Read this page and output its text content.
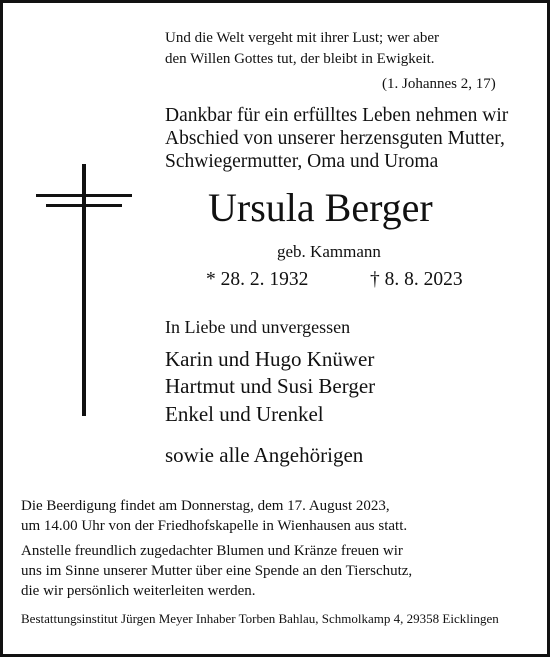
Und die Welt vergeht mit ihrer Lust; wer aber
den Willen Gottes tut, der bleibt in Ewigkeit.
(1. Johannes 2, 17)
Dankbar für ein erfülltes Leben nehmen wir
Abschied von unserer herzensguten Mutter,
Schwiegermutter, Oma und Uroma
Ursula Berger
geb. Kammann
* 28. 2. 1932	† 8. 8. 2023
In Liebe und unvergessen
Karin und Hugo Knüwer
Hartmut und Susi Berger
Enkel und Urenkel
sowie alle Angehörigen
Die Beerdigung findet am Donnerstag, dem 17. August 2023,
um 14.00 Uhr von der Friedhofskapelle in Wienhausen aus statt.
Anstelle freundlich zugedachter Blumen und Kränze freuen wir
uns im Sinne unserer Mutter über eine Spende an den Tierschutz,
die wir persönlich weiterleiten werden.
Bestattungsinstitut Jürgen Meyer Inhaber Torben Bahlau, Schmolkamp 4, 29358 Eicklingen
